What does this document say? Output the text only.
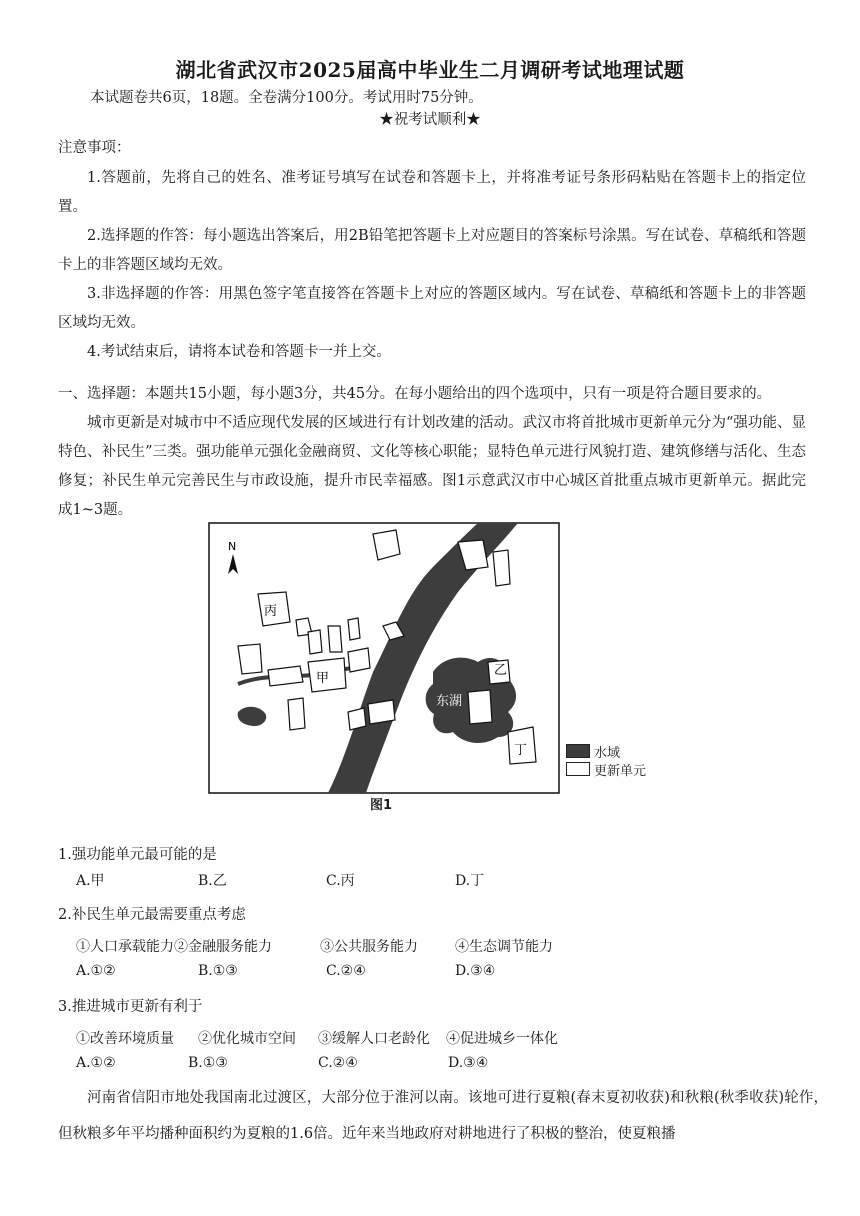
湖北省武汉市2025届高中毕业生二月调研考试地理试题
本试题卷共6页，18题。全卷满分100分。考试用时75分钟。
★祝考试顺利★
注意事项：
1.答题前，先将自己的姓名、准考证号填写在试卷和答题卡上，并将准考证号条形码粘贴在答题卡上的指定位置。
2.选择题的作答：每小题选出答案后，用2B铅笔把答题卡上对应题目的答案标号涂黑。写在试卷、草稿纸和答题卡上的非答题区域均无效。
3.非选择题的作答：用黑色签字笔直接答在答题卡上对应的答题区域内。写在试卷、草稿纸和答题卡上的非答题区域均无效。
4.考试结束后，请将本试卷和答题卡一并上交。
一、选择题：本题共15小题，每小题3分，共45分。在每小题给出的四个选项中，只有一项是符合题目要求的。
城市更新是对城市中不适应现代发展的区域进行有计划改建的活动。武汉市将首批城市更新单元分为“强功能、显特色、补民生”三类。强功能单元强化金融商贸、文化等核心职能；显特色单元进行风貌打造、建筑修缮与活化、生态修复；补民生单元完善民生与市政设施，提升市民幸福感。图1示意武汉市中心城区首批重点城市更新单元。据此完成1~3题。
N
丙
甲
乙
丁
江
长
东湖
水域
更新单元
图1
1.强功能单元最可能的是
A.甲	B.乙	C.丙	D.丁
2.补民生单元最需要重点考虑
①人口承载能力②金融服务能力	③公共服务能力	④生态调节能力
A.①②	B.①③	C.②④	D.③④
3.推进城市更新有利于
①改善环境质量 ②优化城市空间 ③缓解人口老龄化 ④促进城乡一体化
A.①②	B.①③	C.②④	D.③④
河南省信阳市地处我国南北过渡区，大部分位于淮河以南。该地可进行夏粮(春末夏初收获)和秋粮(秋季收获)轮作，但秋粮多年平均播种面积约为夏粮的1.6倍。近年来当地政府对耕地进行了积极的整治，使夏粮播
